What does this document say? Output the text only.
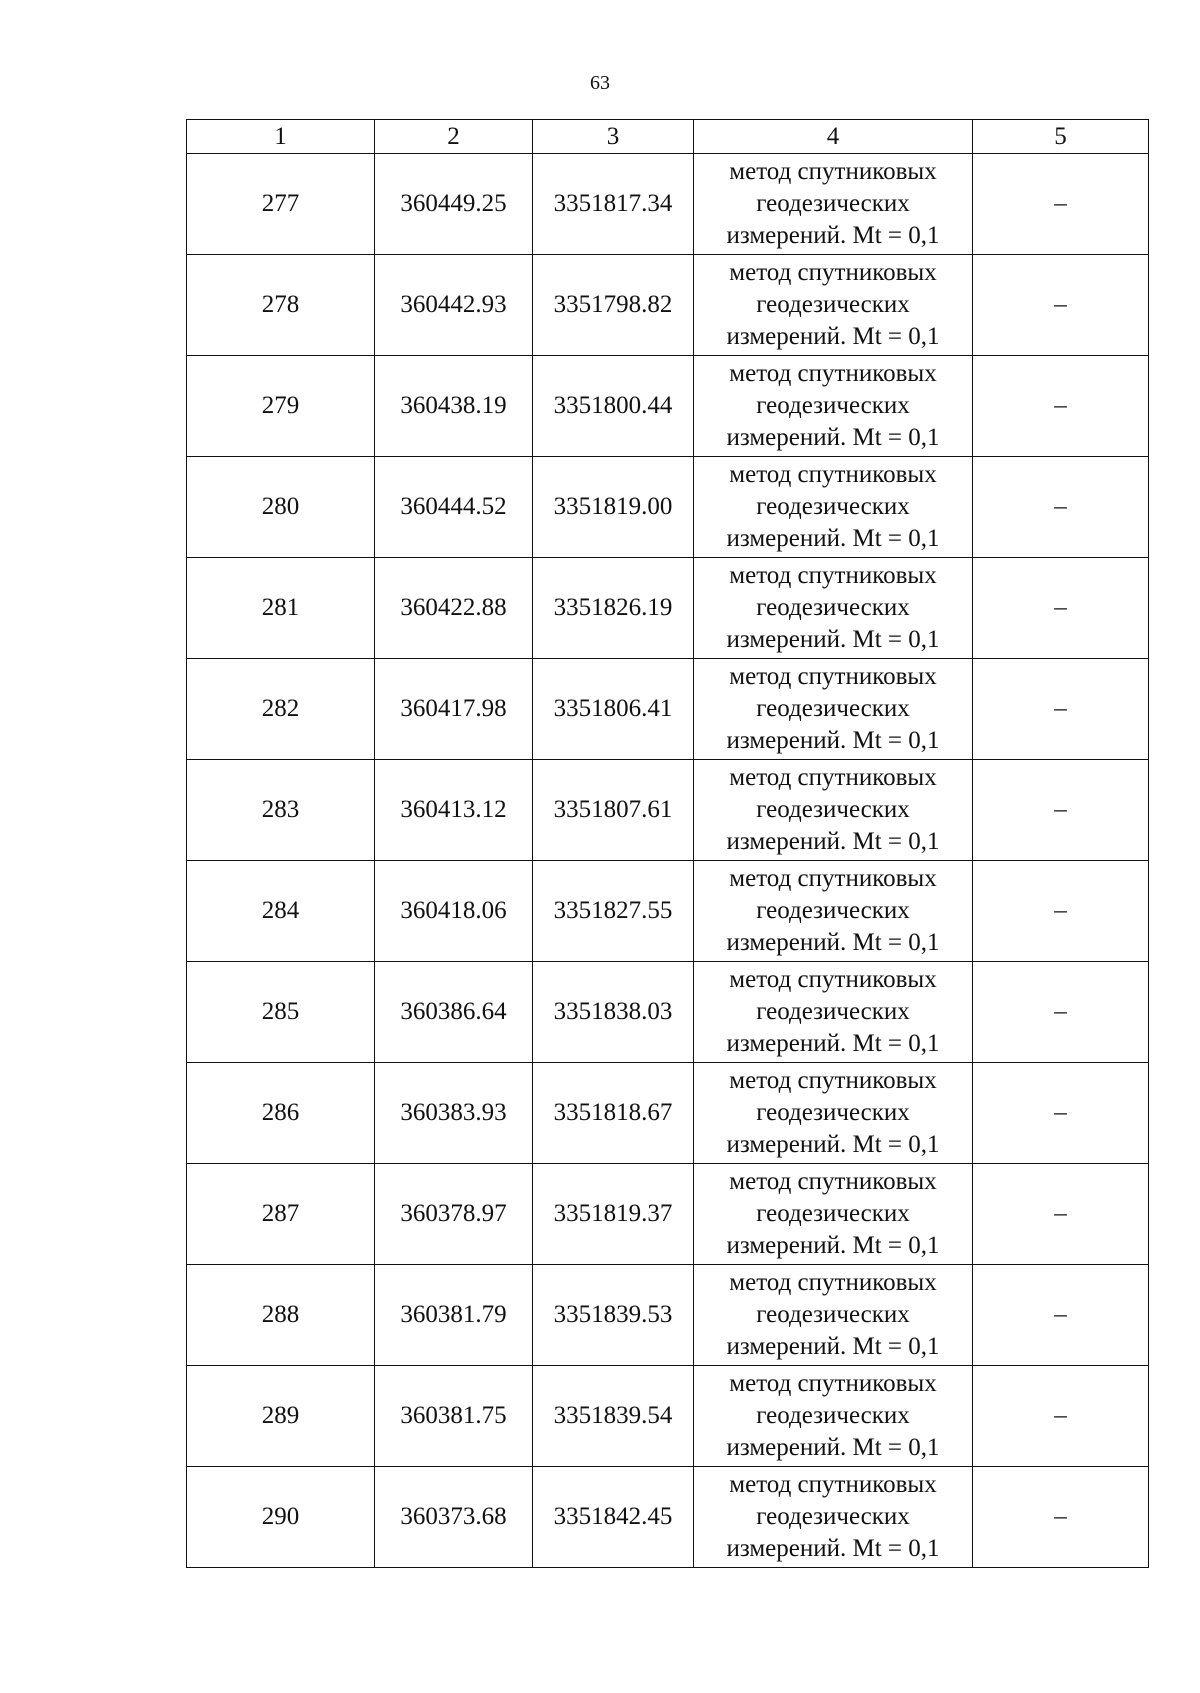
63
1	2	3	4	5
277	360449.25	3351817.34	метод спутниковых
геодезических
измерений. Mt = 0,1	–
278	360442.93	3351798.82	метод спутниковых
геодезических
измерений. Mt = 0,1	–
279	360438.19	3351800.44	метод спутниковых
геодезических
измерений. Mt = 0,1	–
280	360444.52	3351819.00	метод спутниковых
геодезических
измерений. Mt = 0,1	–
281	360422.88	3351826.19	метод спутниковых
геодезических
измерений. Mt = 0,1	–
282	360417.98	3351806.41	метод спутниковых
геодезических
измерений. Mt = 0,1	–
283	360413.12	3351807.61	метод спутниковых
геодезических
измерений. Mt = 0,1	–
284	360418.06	3351827.55	метод спутниковых
геодезических
измерений. Mt = 0,1	–
285	360386.64	3351838.03	метод спутниковых
геодезических
измерений. Mt = 0,1	–
286	360383.93	3351818.67	метод спутниковых
геодезических
измерений. Mt = 0,1	–
287	360378.97	3351819.37	метод спутниковых
геодезических
измерений. Mt = 0,1	–
288	360381.79	3351839.53	метод спутниковых
геодезических
измерений. Mt = 0,1	–
289	360381.75	3351839.54	метод спутниковых
геодезических
измерений. Mt = 0,1	–
290	360373.68	3351842.45	метод спутниковых
геодезических
измерений. Mt = 0,1	–
